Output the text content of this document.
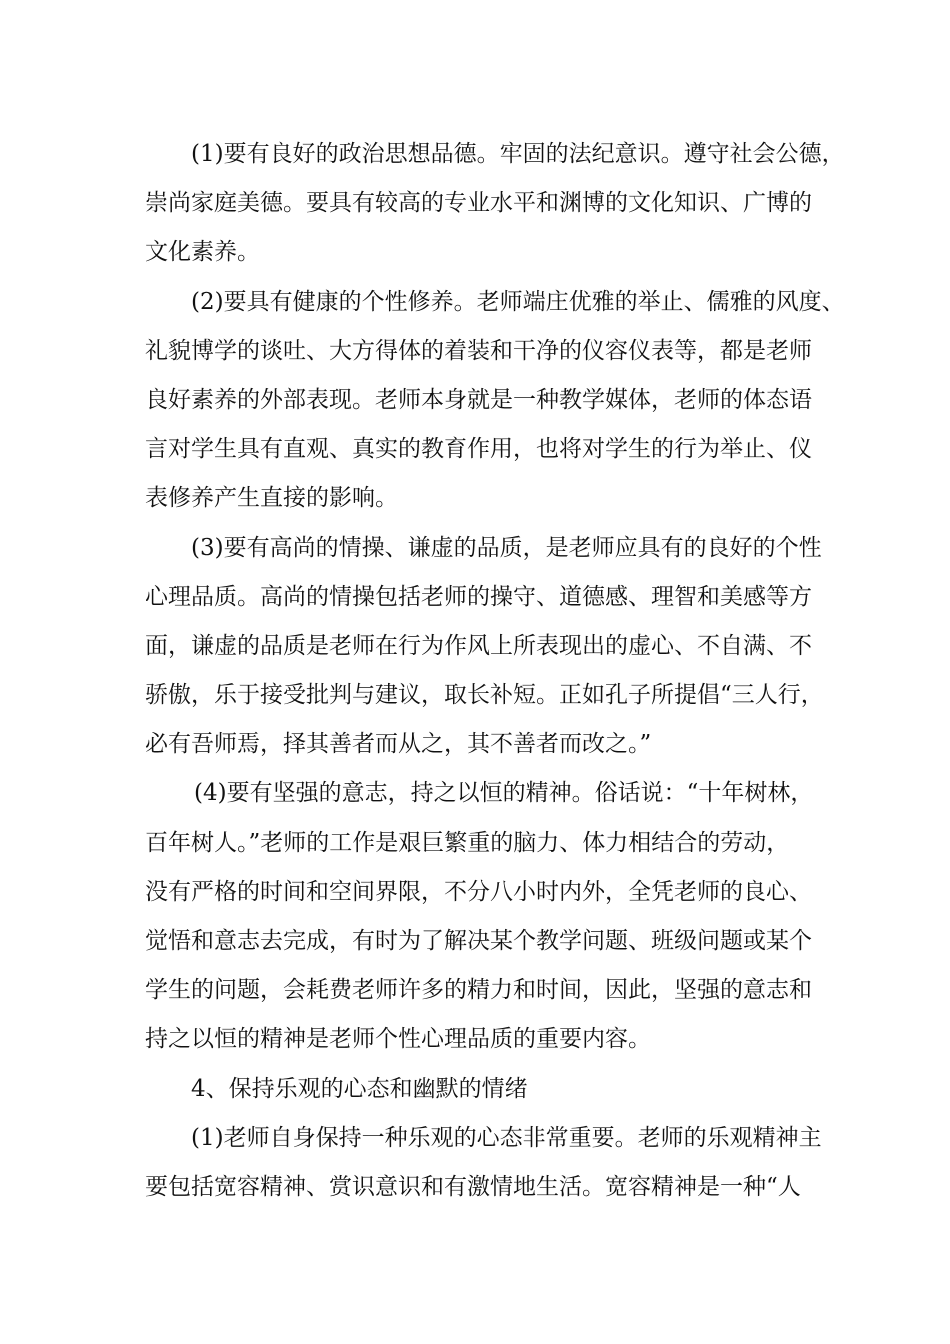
(1)要有良好的政治思想品德。牢固的法纪意识。遵守社会公德，
崇尚家庭美德。要具有较高的专业水平和渊博的文化知识、广博的
文化素养。

(2)要具有健康的个性修养。老师端庄优雅的举止、儒雅的风度、
礼貌博学的谈吐、大方得体的着装和干净的仪容仪表等，都是老师
良好素养的外部表现。老师本身就是一种教学媒体，老师的体态语
言对学生具有直观、真实的教育作用，也将对学生的行为举止、仪
表修养产生直接的影响。

(3)要有高尚的情操、谦虚的品质，是老师应具有的良好的个性
心理品质。高尚的情操包括老师的操守、道德感、理智和美感等方
面，谦虚的品质是老师在行为作风上所表现出的虚心、不自满、不
骄傲，乐于接受批判与建议，取长补短。正如孔子所提倡“三人行，
必有吾师焉，择其善者而从之，其不善者而改之。”

(4)要有坚强的意志，持之以恒的精神。俗话说：“十年树林，
百年树人。”老师的工作是艰巨繁重的脑力、体力相结合的劳动，
没有严格的时间和空间界限，不分八小时内外，全凭老师的良心、
觉悟和意志去完成，有时为了解决某个教学问题、班级问题或某个
学生的问题，会耗费老师许多的精力和时间，因此，坚强的意志和
持之以恒的精神是老师个性心理品质的重要内容。

4、保持乐观的心态和幽默的情绪

(1)老师自身保持一种乐观的心态非常重要。老师的乐观精神主
要包括宽容精神、赏识意识和有激情地生活。宽容精神是一种“人
